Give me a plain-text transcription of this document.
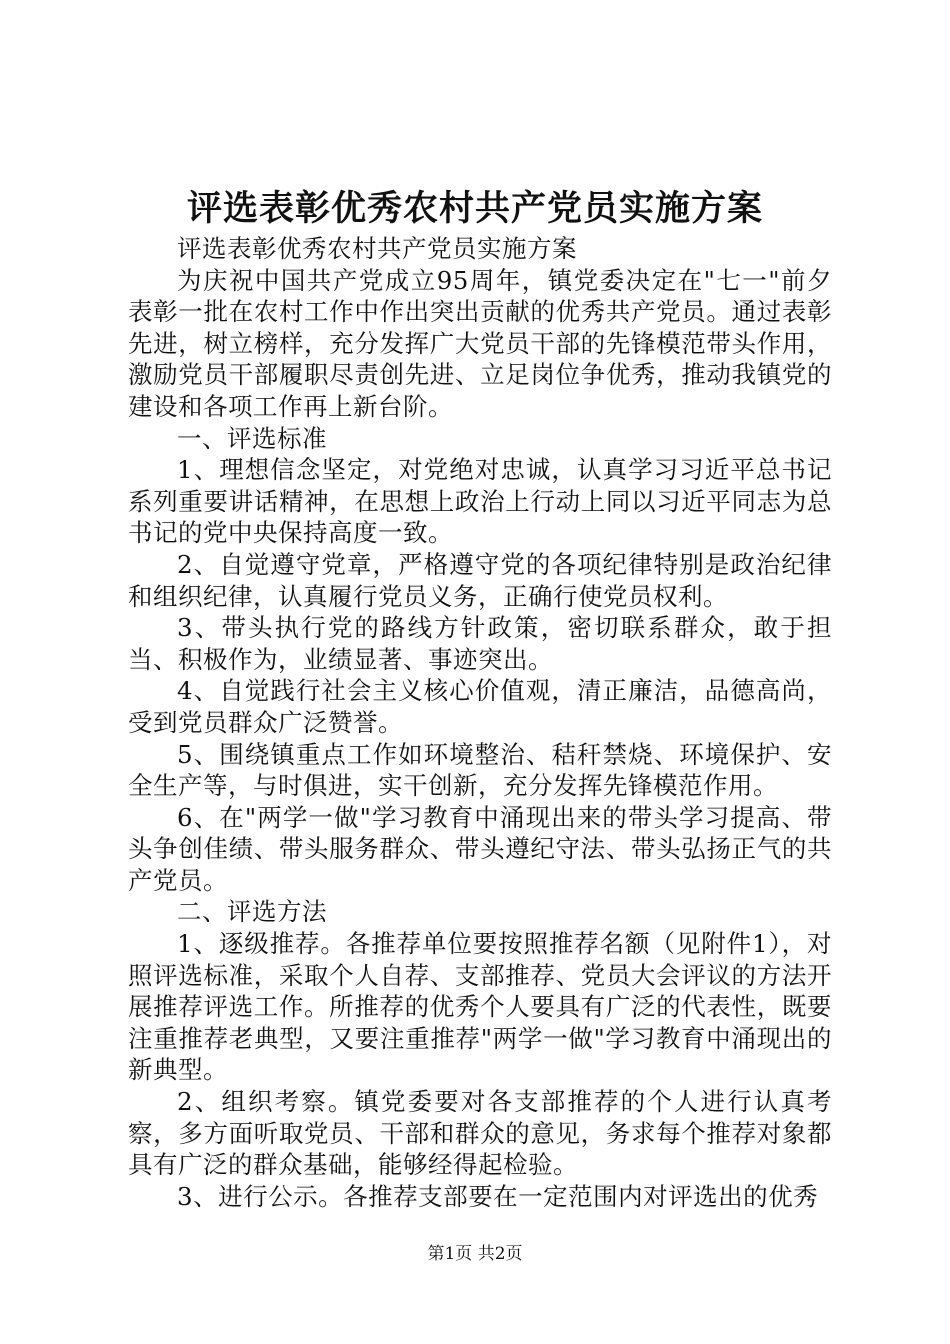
评选表彰优秀农村共产党员实施方案

评选表彰优秀农村共产党员实施方案

为庆祝中国共产党成立95周年，镇党委决定在"七一"前夕表彰一批在农村工作中作出突出贡献的优秀共产党员。通过表彰先进，树立榜样，充分发挥广大党员干部的先锋模范带头作用，激励党员干部履职尽责创先进、立足岗位争优秀，推动我镇党的建设和各项工作再上新台阶。

一、评选标准

1、理想信念坚定，对党绝对忠诚，认真学习习近平总书记系列重要讲话精神，在思想上政治上行动上同以习近平同志为总书记的党中央保持高度一致。

2、自觉遵守党章，严格遵守党的各项纪律特别是政治纪律和组织纪律，认真履行党员义务，正确行使党员权利。

3、带头执行党的路线方针政策，密切联系群众，敢于担当、积极作为，业绩显著、事迹突出。

4、自觉践行社会主义核心价值观，清正廉洁，品德高尚，受到党员群众广泛赞誉。

5、围绕镇重点工作如环境整治、秸秆禁烧、环境保护、安全生产等，与时俱进，实干创新，充分发挥先锋模范作用。

6、在"两学一做"学习教育中涌现出来的带头学习提高、带头争创佳绩、带头服务群众、带头遵纪守法、带头弘扬正气的共产党员。

二、评选方法

1、逐级推荐。各推荐单位要按照推荐名额（见附件1），对照评选标准，采取个人自荐、支部推荐、党员大会评议的方法开展推荐评选工作。所推荐的优秀个人要具有广泛的代表性，既要注重推荐老典型，又要注重推荐"两学一做"学习教育中涌现出的新典型。

2、组织考察。镇党委要对各支部推荐的个人进行认真考察，多方面听取党员、干部和群众的意见，务求每个推荐对象都具有广泛的群众基础，能够经得起检验。

3、进行公示。各推荐支部要在一定范围内对评选出的优秀

第1页 共2页
